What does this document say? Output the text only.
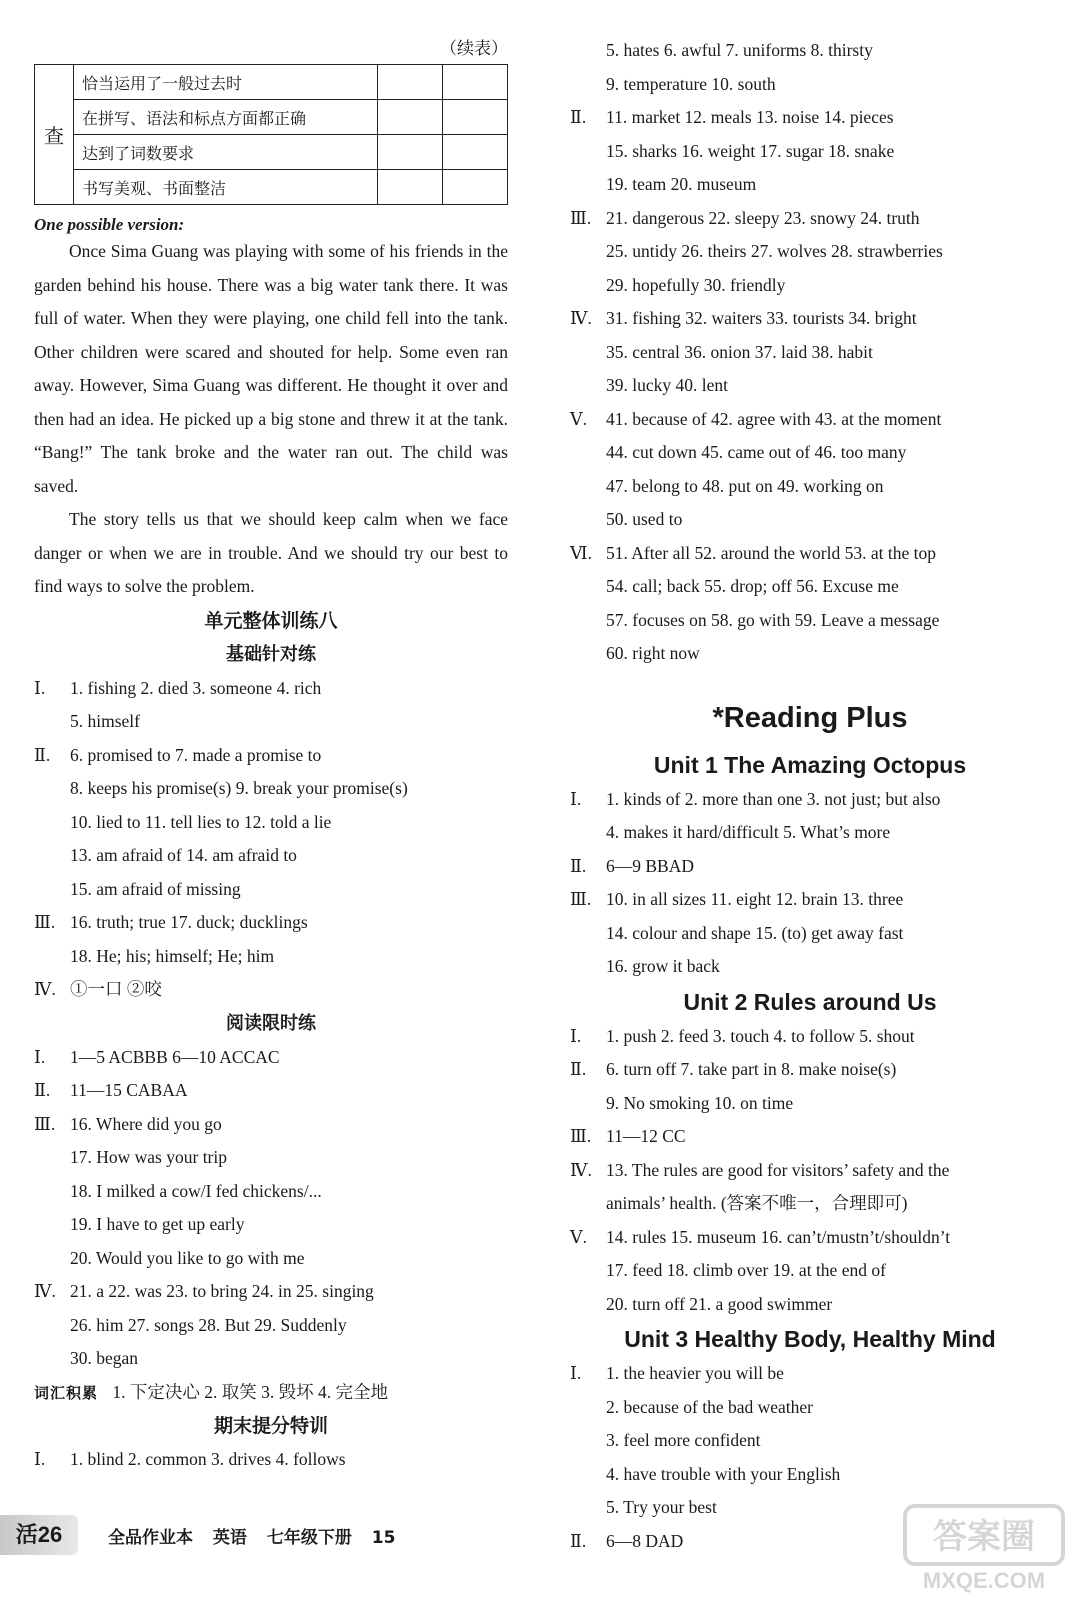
（续表）
查	恰当运用了一般过去时		
	在拼写、语法和标点方面都正确		
	达到了词数要求		
	书写美观、书面整洁		
One possible version:

Once Sima Guang was playing with some of his friends in the garden behind his house. There was a big water tank there. It was full of water. When they were playing, one child fell into the tank. Other children were scared and shouted for help. Some even ran away. However, Sima Guang was different. He thought it over and then had an idea. He picked up a big stone and threw it at the tank. “Bang!” The tank broke and the water ran out. The child was saved.

The story tells us that we should keep calm when we face danger or when we are in trouble. And we should try our best to find ways to solve the problem.

单元整体训练八
基础针对练
Ⅰ. 1. fishing 2. died 3. someone 4. rich
5. himself
Ⅱ. 6. promised to 7. made a promise to
8. keeps his promise(s) 9. break your promise(s)
10. lied to 11. tell lies to 12. told a lie
13. am afraid of 14. am afraid to
15. am afraid of missing
Ⅲ. 16. truth; true 17. duck; ducklings
18. He; his; himself; He; him
Ⅳ. ①一口 ②咬
阅读限时练
Ⅰ. 1—5 ACBBB 6—10 ACCAC
Ⅱ. 11—15 CABAA
Ⅲ. 16. Where did you go
17. How was your trip
18. I milked a cow/I fed chickens/...
19. I have to get up early
20. Would you like to go with me
Ⅳ. 21. a 22. was 23. to bring 24. in 25. singing
26. him 27. songs 28. But 29. Suddenly
30. began
词汇积累 1. 下定决心 2. 取笑 3. 毁坏 4. 完全地
期末提分特训
Ⅰ. 1. blind 2. common 3. drives 4. follows
5. hates 6. awful 7. uniforms 8. thirsty
9. temperature 10. south
Ⅱ. 11. market 12. meals 13. noise 14. pieces
15. sharks 16. weight 17. sugar 18. snake
19. team 20. museum
Ⅲ. 21. dangerous 22. sleepy 23. snowy 24. truth
25. untidy 26. theirs 27. wolves 28. strawberries
29. hopefully 30. friendly
Ⅳ. 31. fishing 32. waiters 33. tourists 34. bright
35. central 36. onion 37. laid 38. habit
39. lucky 40. lent
Ⅴ. 41. because of 42. agree with 43. at the moment
44. cut down 45. came out of 46. too many
47. belong to 48. put on 49. working on
50. used to
Ⅵ. 51. After all 52. around the world 53. at the top
54. call; back 55. drop; off 56. Excuse me
57. focuses on 58. go with 59. Leave a message
60. right now
*Reading Plus
Unit 1 The Amazing Octopus
Ⅰ. 1. kinds of 2. more than one 3. not just; but also
4. makes it hard/difficult 5. What’s more
Ⅱ. 6—9 BBAD
Ⅲ. 10. in all sizes 11. eight 12. brain 13. three
14. colour and shape 15. (to) get away fast
16. grow it back
Unit 2 Rules around Us
Ⅰ. 1. push 2. feed 3. touch 4. to follow 5. shout
Ⅱ. 6. turn off 7. take part in 8. make noise(s)
9. No smoking 10. on time
Ⅲ. 11—12 CC
Ⅳ. 13. The rules are good for visitors’ safety and the
animals’ health. (答案不唯一，合理即可)
Ⅴ. 14. rules 15. museum 16. can’t/mustn’t/shouldn’t
17. feed 18. climb over 19. at the end of
20. turn off 21. a good swimmer
Unit 3 Healthy Body, Healthy Mind
Ⅰ. 1. the heavier you will be
2. because of the bad weather
3. feel more confident
4. have trouble with your English
5. Try your best
Ⅱ. 6—8 DAD
活26	全品作业本 英语 七年级下册 15	答案圈
MXQE.COM
